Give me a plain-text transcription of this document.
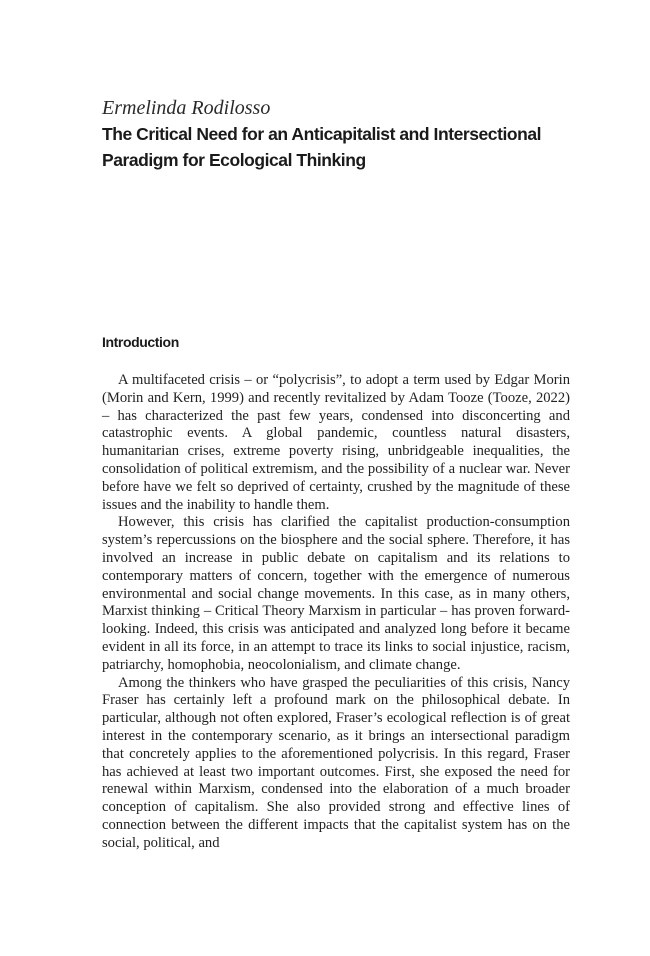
Ermelinda Rodilosso

The Critical Need for an Anticapitalist and Intersectional Paradigm for Ecological Thinking
Introduction

A multifaceted crisis – or “polycrisis”, to adopt a term used by Edgar Morin (Morin and Kern, 1999) and recently revitalized by Adam Tooze (Tooze, 2022) – has characterized the past few years, condensed into disconcerting and catastrophic events. A global pandemic, countless natural disasters, humanitarian crises, extreme poverty rising, unbridgeable inequalities, the consolidation of political extremism, and the possibility of a nuclear war. Never before have we felt so deprived of certainty, crushed by the magnitude of these issues and the inability to handle them.

However, this crisis has clarified the capitalist production-consumption system’s repercussions on the biosphere and the social sphere. Therefore, it has involved an increase in public debate on capitalism and its relations to contemporary matters of concern, together with the emergence of numerous environmental and social change movements. In this case, as in many others, Marxist thinking – Critical Theory Marxism in particular – has proven forward-looking. Indeed, this crisis was anticipated and analyzed long before it became evident in all its force, in an attempt to trace its links to social injustice, racism, patriarchy, homophobia, neocolonialism, and climate change.

Among the thinkers who have grasped the peculiarities of this crisis, Nancy Fraser has certainly left a profound mark on the philosophical debate. In particular, although not often explored, Fraser’s ecological reflection is of great interest in the contemporary scenario, as it brings an intersectional paradigm that concretely applies to the aforementioned polycrisis. In this regard, Fraser has achieved at least two important outcomes. First, she exposed the need for renewal within Marxism, condensed into the elaboration of a much broader conception of capitalism. She also provided strong and effective lines of connection between the different impacts that the capitalist system has on the social, political, and
